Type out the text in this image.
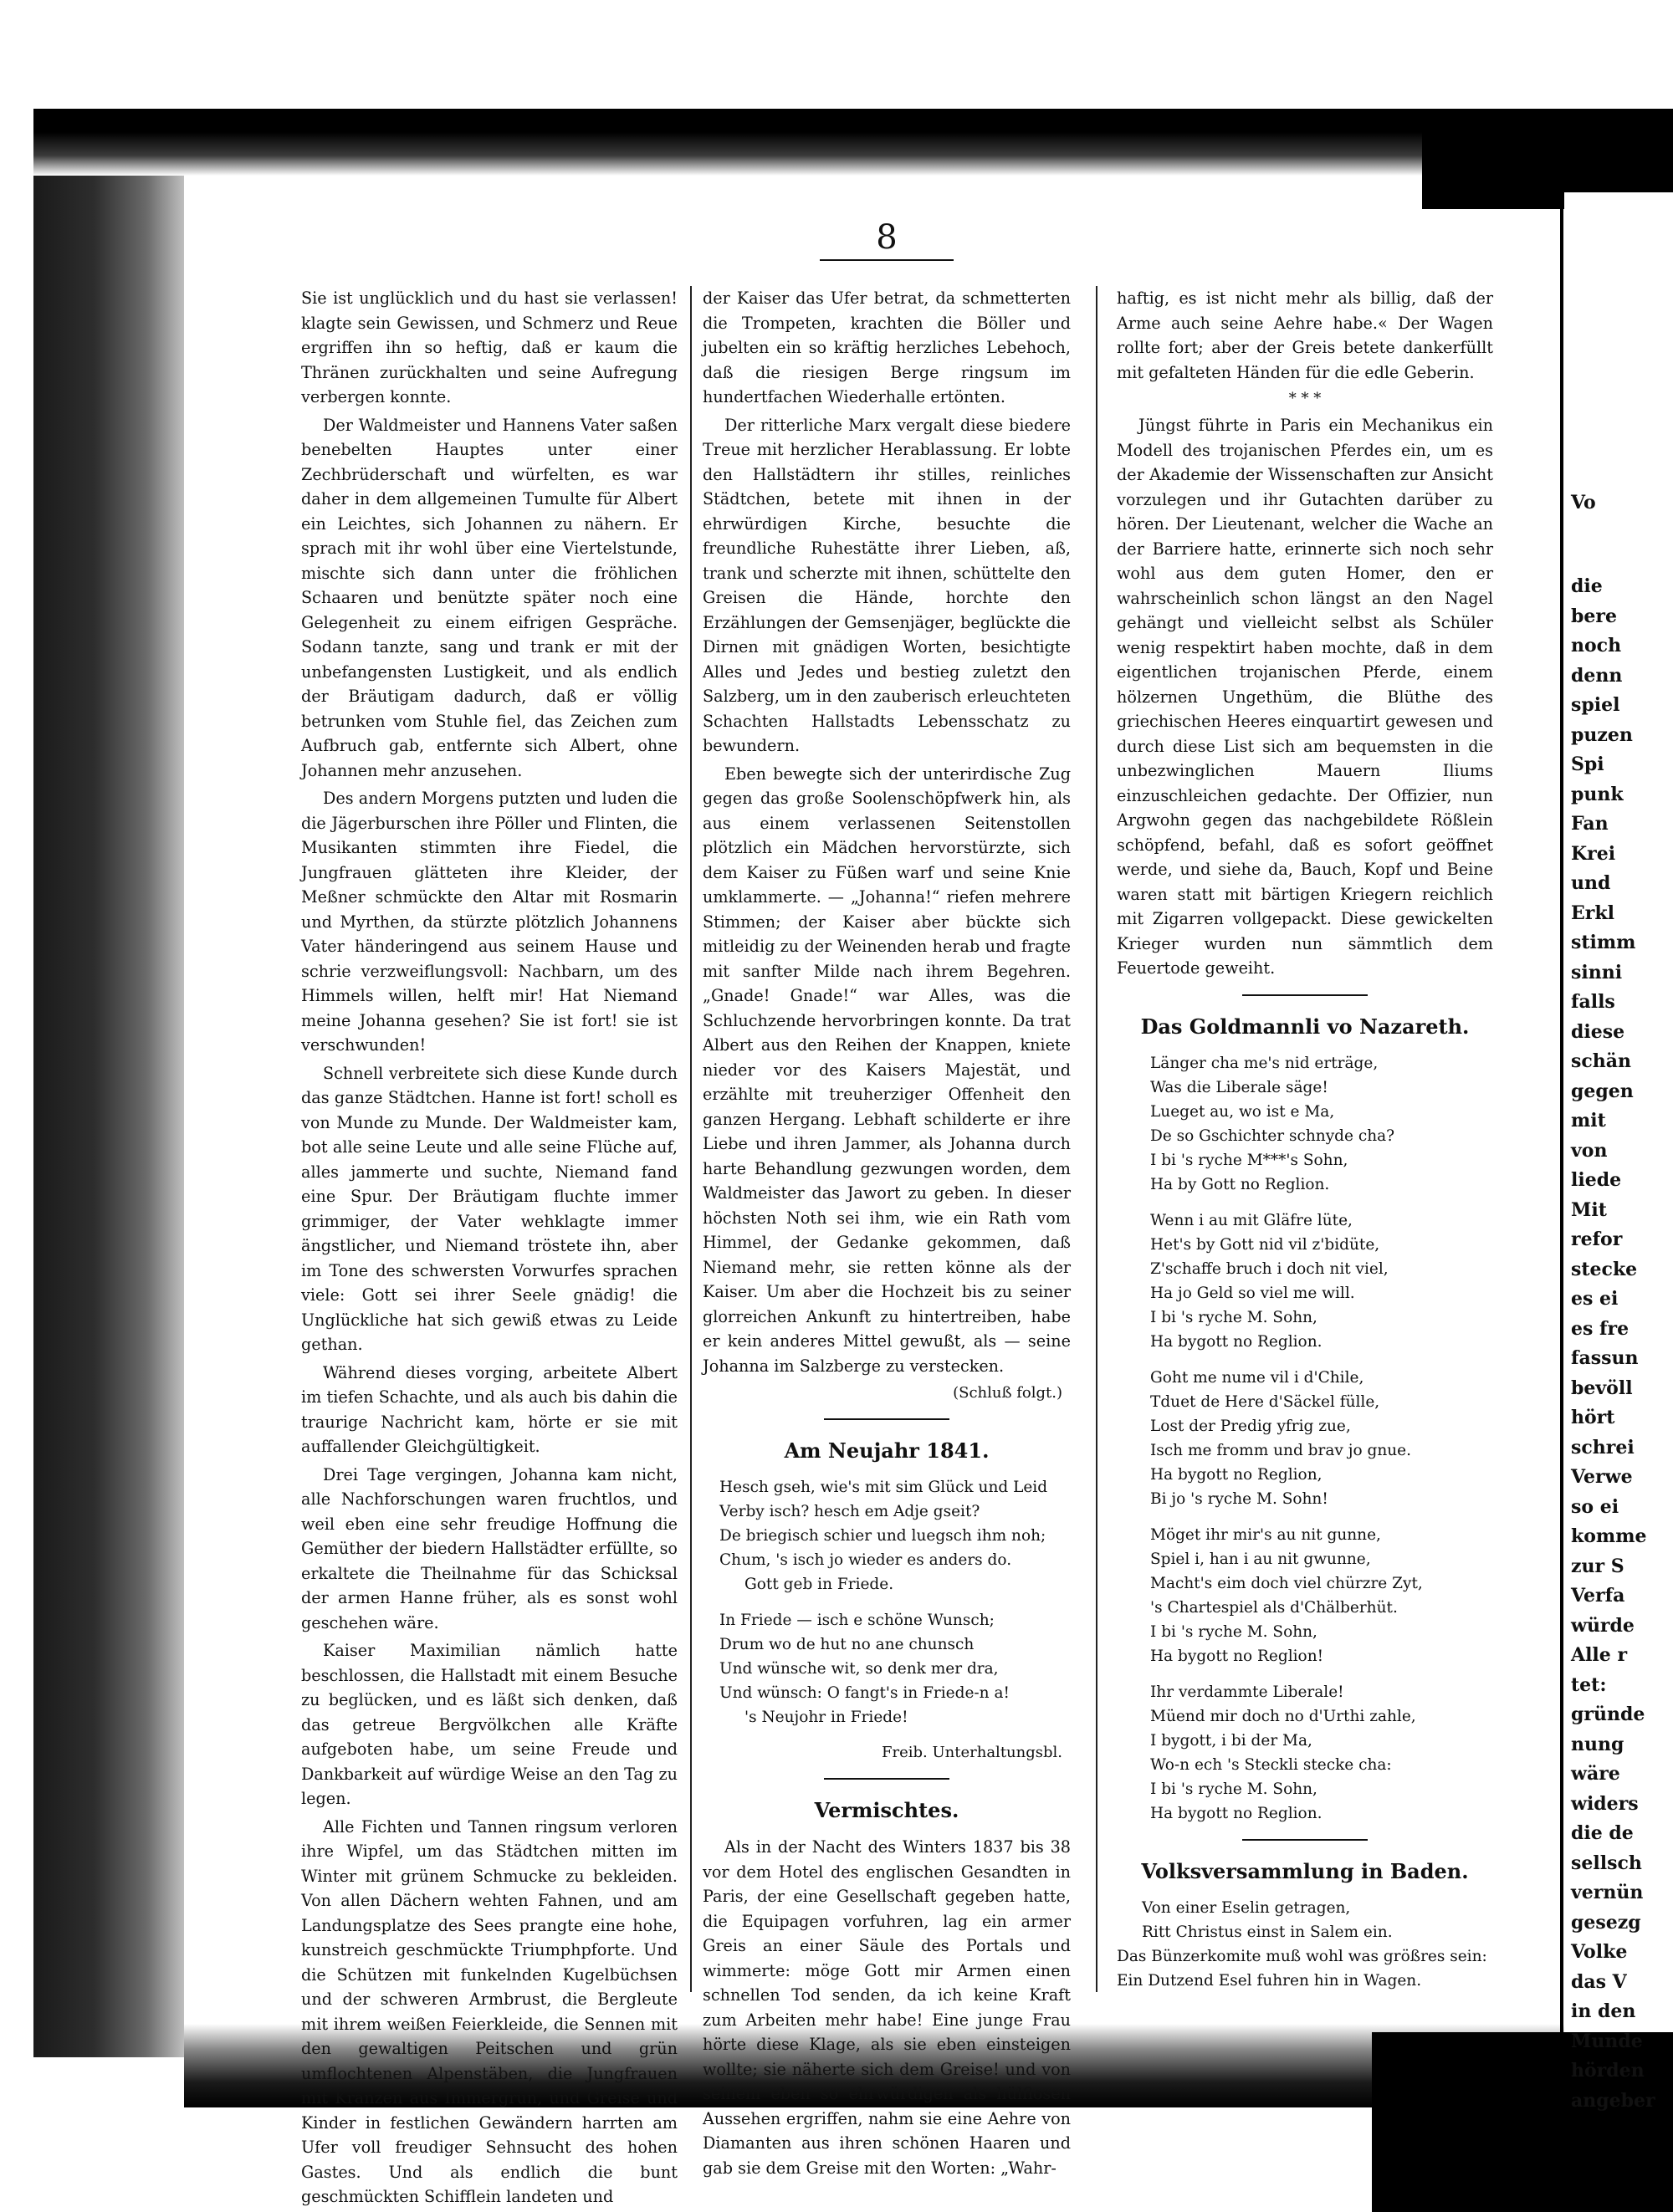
Vo
die
bere
noch
denn
spiel
puzen
Spi
punk
Fan
Krei
und
Erkl
stimm
sinni
falls
diese
schän
gegen
mit
von
liede
Mit
refor
stecke
es ei
es fre
fassun
bevöll
hört
schrei
Verwe
so ei
komme
zur S
Verfa
würde
Alle r
tet:
gründe
nung
wäre
widers
die de
sellsch
vernün
gesezg
Volke
das V
in den
Munde
hörden
angeber
8

Sie ist unglücklich und du hast sie verlassen! klagte sein Gewissen, und Schmerz und Reue ergriffen ihn so heftig, daß er kaum die Thränen zurückhalten und seine Aufregung verbergen konnte.

Der Waldmeister und Hannens Vater saßen benebelten Hauptes unter einer Zechbrüderschaft und würfelten, es war daher in dem allgemeinen Tumulte für Albert ein Leichtes, sich Johannen zu nähern. Er sprach mit ihr wohl über eine Viertelstunde, mischte sich dann unter die fröhlichen Schaaren und benützte später noch eine Gelegenheit zu einem eifrigen Gespräche. Sodann tanzte, sang und trank er mit der unbefangensten Lustigkeit, und als endlich der Bräutigam dadurch, daß er völlig betrunken vom Stuhle fiel, das Zeichen zum Aufbruch gab, entfernte sich Albert, ohne Johannen mehr anzusehen.

Des andern Morgens putzten und luden die die Jägerburschen ihre Pöller und Flinten, die Musikanten stimmten ihre Fiedel, die Jungfrauen glätteten ihre Kleider, der Meßner schmückte den Altar mit Rosmarin und Myrthen, da stürzte plötzlich Johannens Vater händeringend aus seinem Hause und schrie verzweiflungsvoll: Nachbarn, um des Himmels willen, helft mir! Hat Niemand meine Johanna gesehen? Sie ist fort! sie ist verschwunden!

Schnell verbreitete sich diese Kunde durch das ganze Städtchen. Hanne ist fort! scholl es von Munde zu Munde. Der Waldmeister kam, bot alle seine Leute und alle seine Flüche auf, alles jammerte und suchte, Niemand fand eine Spur. Der Bräutigam fluchte immer grimmiger, der Vater wehklagte immer ängstlicher, und Niemand tröstete ihn, aber im Tone des schwersten Vorwurfes sprachen viele: Gott sei ihrer Seele gnädig! die Unglückliche hat sich gewiß etwas zu Leide gethan.

Während dieses vorging, arbeitete Albert im tiefen Schachte, und als auch bis dahin die traurige Nachricht kam, hörte er sie mit auffallender Gleichgültigkeit.

Drei Tage vergingen, Johanna kam nicht, alle Nachforschungen waren fruchtlos, und weil eben eine sehr freudige Hoffnung die Gemüther der biedern Hallstädter erfüllte, so erkaltete die Theilnahme für das Schicksal der armen Hanne früher, als es sonst wohl geschehen wäre.

Kaiser Maximilian nämlich hatte beschlossen, die Hallstadt mit einem Besuche zu beglücken, und es läßt sich denken, daß das getreue Bergvölkchen alle Kräfte aufgeboten habe, um seine Freude und Dankbarkeit auf würdige Weise an den Tag zu legen.

Alle Fichten und Tannen ringsum verloren ihre Wipfel, um das Städtchen mitten im Winter mit grünem Schmucke zu bekleiden. Von allen Dächern wehten Fahnen, und am Landungsplatze des Sees prangte eine hohe, kunstreich geschmückte Triumphpforte. Und die Schützen mit funkelnden Kugelbüchsen und der schweren Armbrust, die Bergleute mit ihrem weißen Feierkleide, die Sennen mit den gewaltigen Peitschen und grün umflochtenen Alpenstäben, die Jungfrauen mit Kränzen aus Immergrün, und Greise und Kinder in festlichen Gewändern harrten am Ufer voll freudiger Sehnsucht des hohen Gastes. Und als endlich die bunt geschmückten Schifflein landeten und

der Kaiser das Ufer betrat, da schmetterten die Trompeten, krachten die Böller und jubelten ein so kräftig herzliches Lebehoch, daß die riesigen Berge ringsum im hundertfachen Wiederhalle ertönten.

Der ritterliche Marx vergalt diese biedere Treue mit herzlicher Herablassung. Er lobte den Hallstädtern ihr stilles, reinliches Städtchen, betete mit ihnen in der ehrwürdigen Kirche, besuchte die freundliche Ruhestätte ihrer Lieben, aß, trank und scherzte mit ihnen, schüttelte den Greisen die Hände, horchte den Erzählungen der Gemsenjäger, beglückte die Dirnen mit gnädigen Worten, besichtigte Alles und Jedes und bestieg zuletzt den Salzberg, um in den zauberisch erleuchteten Schachten Hallstadts Lebensschatz zu bewundern.

Eben bewegte sich der unterirdische Zug gegen das große Soolenschöpfwerk hin, als aus einem verlassenen Seitenstollen plötzlich ein Mädchen hervorstürzte, sich dem Kaiser zu Füßen warf und seine Knie umklammerte. — „Johanna!“ riefen mehrere Stimmen; der Kaiser aber bückte sich mitleidig zu der Weinenden herab und fragte mit sanfter Milde nach ihrem Begehren. „Gnade! Gnade!“ war Alles, was die Schluchzende hervorbringen konnte. Da trat Albert aus den Reihen der Knappen, kniete nieder vor des Kaisers Majestät, und erzählte mit treuherziger Offenheit den ganzen Hergang. Lebhaft schilderte er ihre Liebe und ihren Jammer, als Johanna durch harte Behandlung gezwungen worden, dem Waldmeister das Jawort zu geben. In dieser höchsten Noth sei ihm, wie ein Rath vom Himmel, der Gedanke gekommen, daß Niemand mehr, sie retten könne als der Kaiser. Um aber die Hochzeit bis zu seiner glorreichen Ankunft zu hintertreiben, habe er kein anderes Mittel gewußt, als — seine Johanna im Salzberge zu verstecken.

(Schluß folgt.)
Am Neujahr 1841.
Hesch gseh, wie's mit sim Glück und Leid
Verby isch? hesch em Adje gseit?
De briegisch schier und luegsch ihm noh;
Chum, 's isch jo wieder es anders do.
Gott geb in Friede.
In Friede — isch e schöne Wunsch;
Drum wo de hut no ane chunsch
Und wünsche wit, so denk mer dra,
Und wünsch: O fangt's in Friede-n a!
's Neujohr in Friede!
Freib. Unterhaltungsbl.
Vermischtes.

Als in der Nacht des Winters 1837 bis 38 vor dem Hotel des englischen Gesandten in Paris, der eine Gesellschaft gegeben hatte, die Equipagen vorfuhren, lag ein armer Greis an einer Säule des Portals und wimmerte: möge Gott mir Armen einen schnellen Tod senden, da ich keine Kraft zum Arbeiten mehr habe! Eine junge Frau hörte diese Klage, als sie eben einsteigen wollte; sie näherte sich dem Greise! und von seinem eben so ehrwürdigen als hülflosen Aussehen ergriffen, nahm sie eine Aehre von Diamanten aus ihren schönen Haaren und gab sie dem Greise mit den Worten: „Wahr-

haftig, es ist nicht mehr als billig, daß der Arme auch seine Aehre habe.« Der Wagen rollte fort; aber der Greis betete dankerfüllt mit gefalteten Händen für die edle Geberin.

* * *

Jüngst führte in Paris ein Mechanikus ein Modell des trojanischen Pferdes ein, um es der Akademie der Wissenschaften zur Ansicht vorzulegen und ihr Gutachten darüber zu hören. Der Lieutenant, welcher die Wache an der Barriere hatte, erinnerte sich noch sehr wohl aus dem guten Homer, den er wahrscheinlich schon längst an den Nagel gehängt und vielleicht selbst als Schüler wenig respektirt haben mochte, daß in dem eigentlichen trojanischen Pferde, einem hölzernen Ungethüm, die Blüthe des griechischen Heeres einquartirt gewesen und durch diese List sich am bequemsten in die unbezwinglichen Mauern Iliums einzuschleichen gedachte. Der Offizier, nun Argwohn gegen das nachgebildete Rößlein schöpfend, befahl, daß es sofort geöffnet werde, und siehe da, Bauch, Kopf und Beine waren statt mit bärtigen Kriegern reichlich mit Zigarren vollgepackt. Diese gewickelten Krieger wurden nun sämmtlich dem Feuertode geweiht.

Das Goldmannli vo Nazareth.
Länger cha me's nid erträge,
Was die Liberale säge!
Lueget au, wo ist e Ma,
De so Gschichter schnyde cha?
I bi 's ryche M***'s Sohn,
Ha by Gott no Reglion.
Wenn i au mit Gläfre lüte,
Het's by Gott nid vil z'bidüte,
Z'schaffe bruch i doch nit viel,
Ha jo Geld so viel me will.
I bi 's ryche M. Sohn,
Ha bygott no Reglion.
Goht me nume vil i d'Chile,
Tduet de Here d'Säckel fülle,
Lost der Predig yfrig zue,
Isch me fromm und brav jo gnue.
Ha bygott no Reglion,
Bi jo 's ryche M. Sohn!
Möget ihr mir's au nit gunne,
Spiel i, han i au nit gwunne,
Macht's eim doch viel chürzre Zyt,
's Chartespiel als d'Chälberhüt.
I bi 's ryche M. Sohn,
Ha bygott no Reglion!
Ihr verdammte Liberale!
Müend mir doch no d'Urthi zahle,
I bygott, i bi der Ma,
Wo-n ech 's Steckli stecke cha:
I bi 's ryche M. Sohn,
Ha bygott no Reglion.
Volksversammlung in Baden.
Von einer Eselin getragen,
Ritt Christus einst in Salem ein.
Das Bünzerkomite muß wohl was größres sein:
Ein Dutzend Esel fuhren hin in Wagen.
